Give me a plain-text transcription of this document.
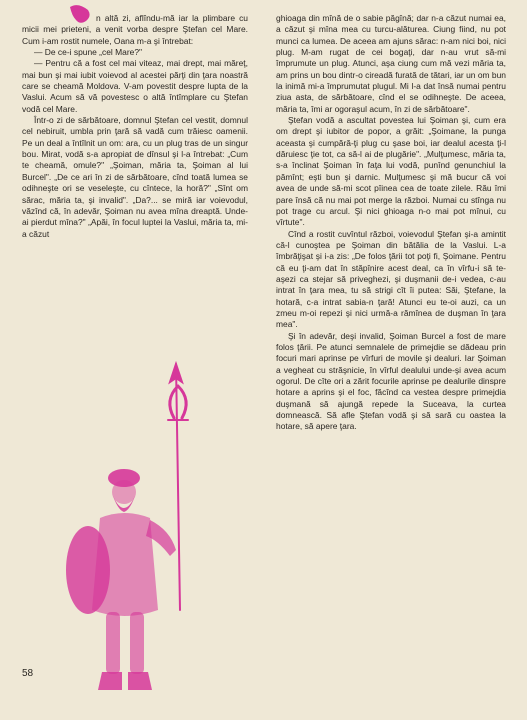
n altă zi, aflîndu-mă iar la plimbare cu micii mei prieteni, a venit vorba despre Ştefan cel Mare. Cum i-am rostit numele, Oana m-a şi întrebat:

— De ce-i spune „cel Mare?"

— Pentru că a fost cel mai viteaz, mai drept, mai măreţ, mai bun şi mai iubit voievod al acestei părţi din ţara noastră care se cheamă Moldova. V-am povestit despre lupta de la Vaslui. Acum să vă povestesc o altă întîmplare cu Ştefan vodă cel Mare.

Într-o zi de sărbătoare, domnul Ştefan cel vestit, domnul cel nebiruit, umbla prin ţară să vadă cum trăiesc oamenii. Pe un deal a întîlnit un om: ara, cu un plug tras de un singur bou. Mirat, vodă s-a apropiat de dînsul şi l-a întrebat: „Cum te cheamă, omule?" „Şoiman, măria ta, Şoiman al lui Burcel". „De ce ari în zi de sărbătoare, cînd toată lumea se odihneşte ori se veseleşte, cu cîntece, la horă?" „Sînt om sărac, măria ta, şi invalid". „Da?... se miră iar voievodul, văzînd că, în adevăr, Şoiman nu avea mîna dreaptă. Unde-ai pierdut mîna?" „Apăi, în focul luptei la Vaslui, măria ta, mi-a căzut

ghioaga din mînă de o sabie păgînă; dar n-a căzut numai ea, a căzut şi mîna mea cu turcu-alăturea. Ciung fiind, nu pot munci ca lumea. De aceea am ajuns sărac: n-am nici boi, nici plug. M-am rugat de cei bogaţi, dar n-au vrut să-mi împrumute un plug. Atunci, aşa ciung cum mă vezi măria ta, am prins un bou dintr-o cireadă furată de tătari, iar un om bun la inimă mi-a împrumutat plugul. Mi l-a dat însă numai pentru ziua asta, de sărbătoare, cînd el se odihneşte. De aceea, măria ta, îmi ar ogoraşul acum, în zi de sărbătoare".

Ştefan vodă a ascultat povestea lui Şoiman şi, cum era om drept şi iubitor de popor, a grăit: „Şoimane, la punga aceasta şi cumpără-ţi plug cu şase boi, iar dealul acesta ţi-l dăruiesc ţie tot, ca să-l ai de plugărie". „Mulţumesc, măria ta, s-a înclinat Şoiman în faţa lui vodă, punînd genunchiul la pămînt; eşti bun şi darnic. Mulţumesc şi mă bucur că voi avea de unde să-mi scot pîinea cea de toate zilele. Rău îmi pare însă că nu mai pot merge la război. Numai cu stînga nu pot trage cu arcul. Şi nici ghioaga n-o mai pot mînui, cu vîrtute".

Cînd a rostit cuvîntul război, voievodul Ştefan şi-a amintit că-l cunoştea pe Şoiman din bătălia de la Vaslui. L-a îmbrăţişat şi i-a zis: „De folos ţării tot poţi fi, Şoimane. Pentru că eu ţi-am dat în stăpînire acest deal, ca în vîrfu-i să te-aşezi ca stejar să priveghezi, şi duşmanii de-i vedea, c-au intrat în ţara mea, tu să strigi cît îi putea: Săi, Ştefane, la hotară, c-a intrat sabia-n ţară! Atunci eu te-oi auzi, ca un zmeu m-oi repezi şi nici urmă-a rămînea de duşman în ţara mea".

Şi în adevăr, deşi invalid, Şoiman Burcel a fost de mare folos ţării. Pe atunci semnalele de primejdie se dădeau prin focuri mari aprinse pe vîrfuri de movile şi dealuri. Iar Şoiman a vegheat cu străşnicie, în vîrful dealului unde-şi avea acum ogorul. De cîte ori a zărit focurile aprinse pe dealurile dinspre hotare a aprins şi el foc, făcînd ca vestea despre primejdia duşmană să ajungă repede la Suceava, la curtea domnească. Să afle Ştefan vodă şi să sară cu oastea la hotare, să apere ţara.

58
